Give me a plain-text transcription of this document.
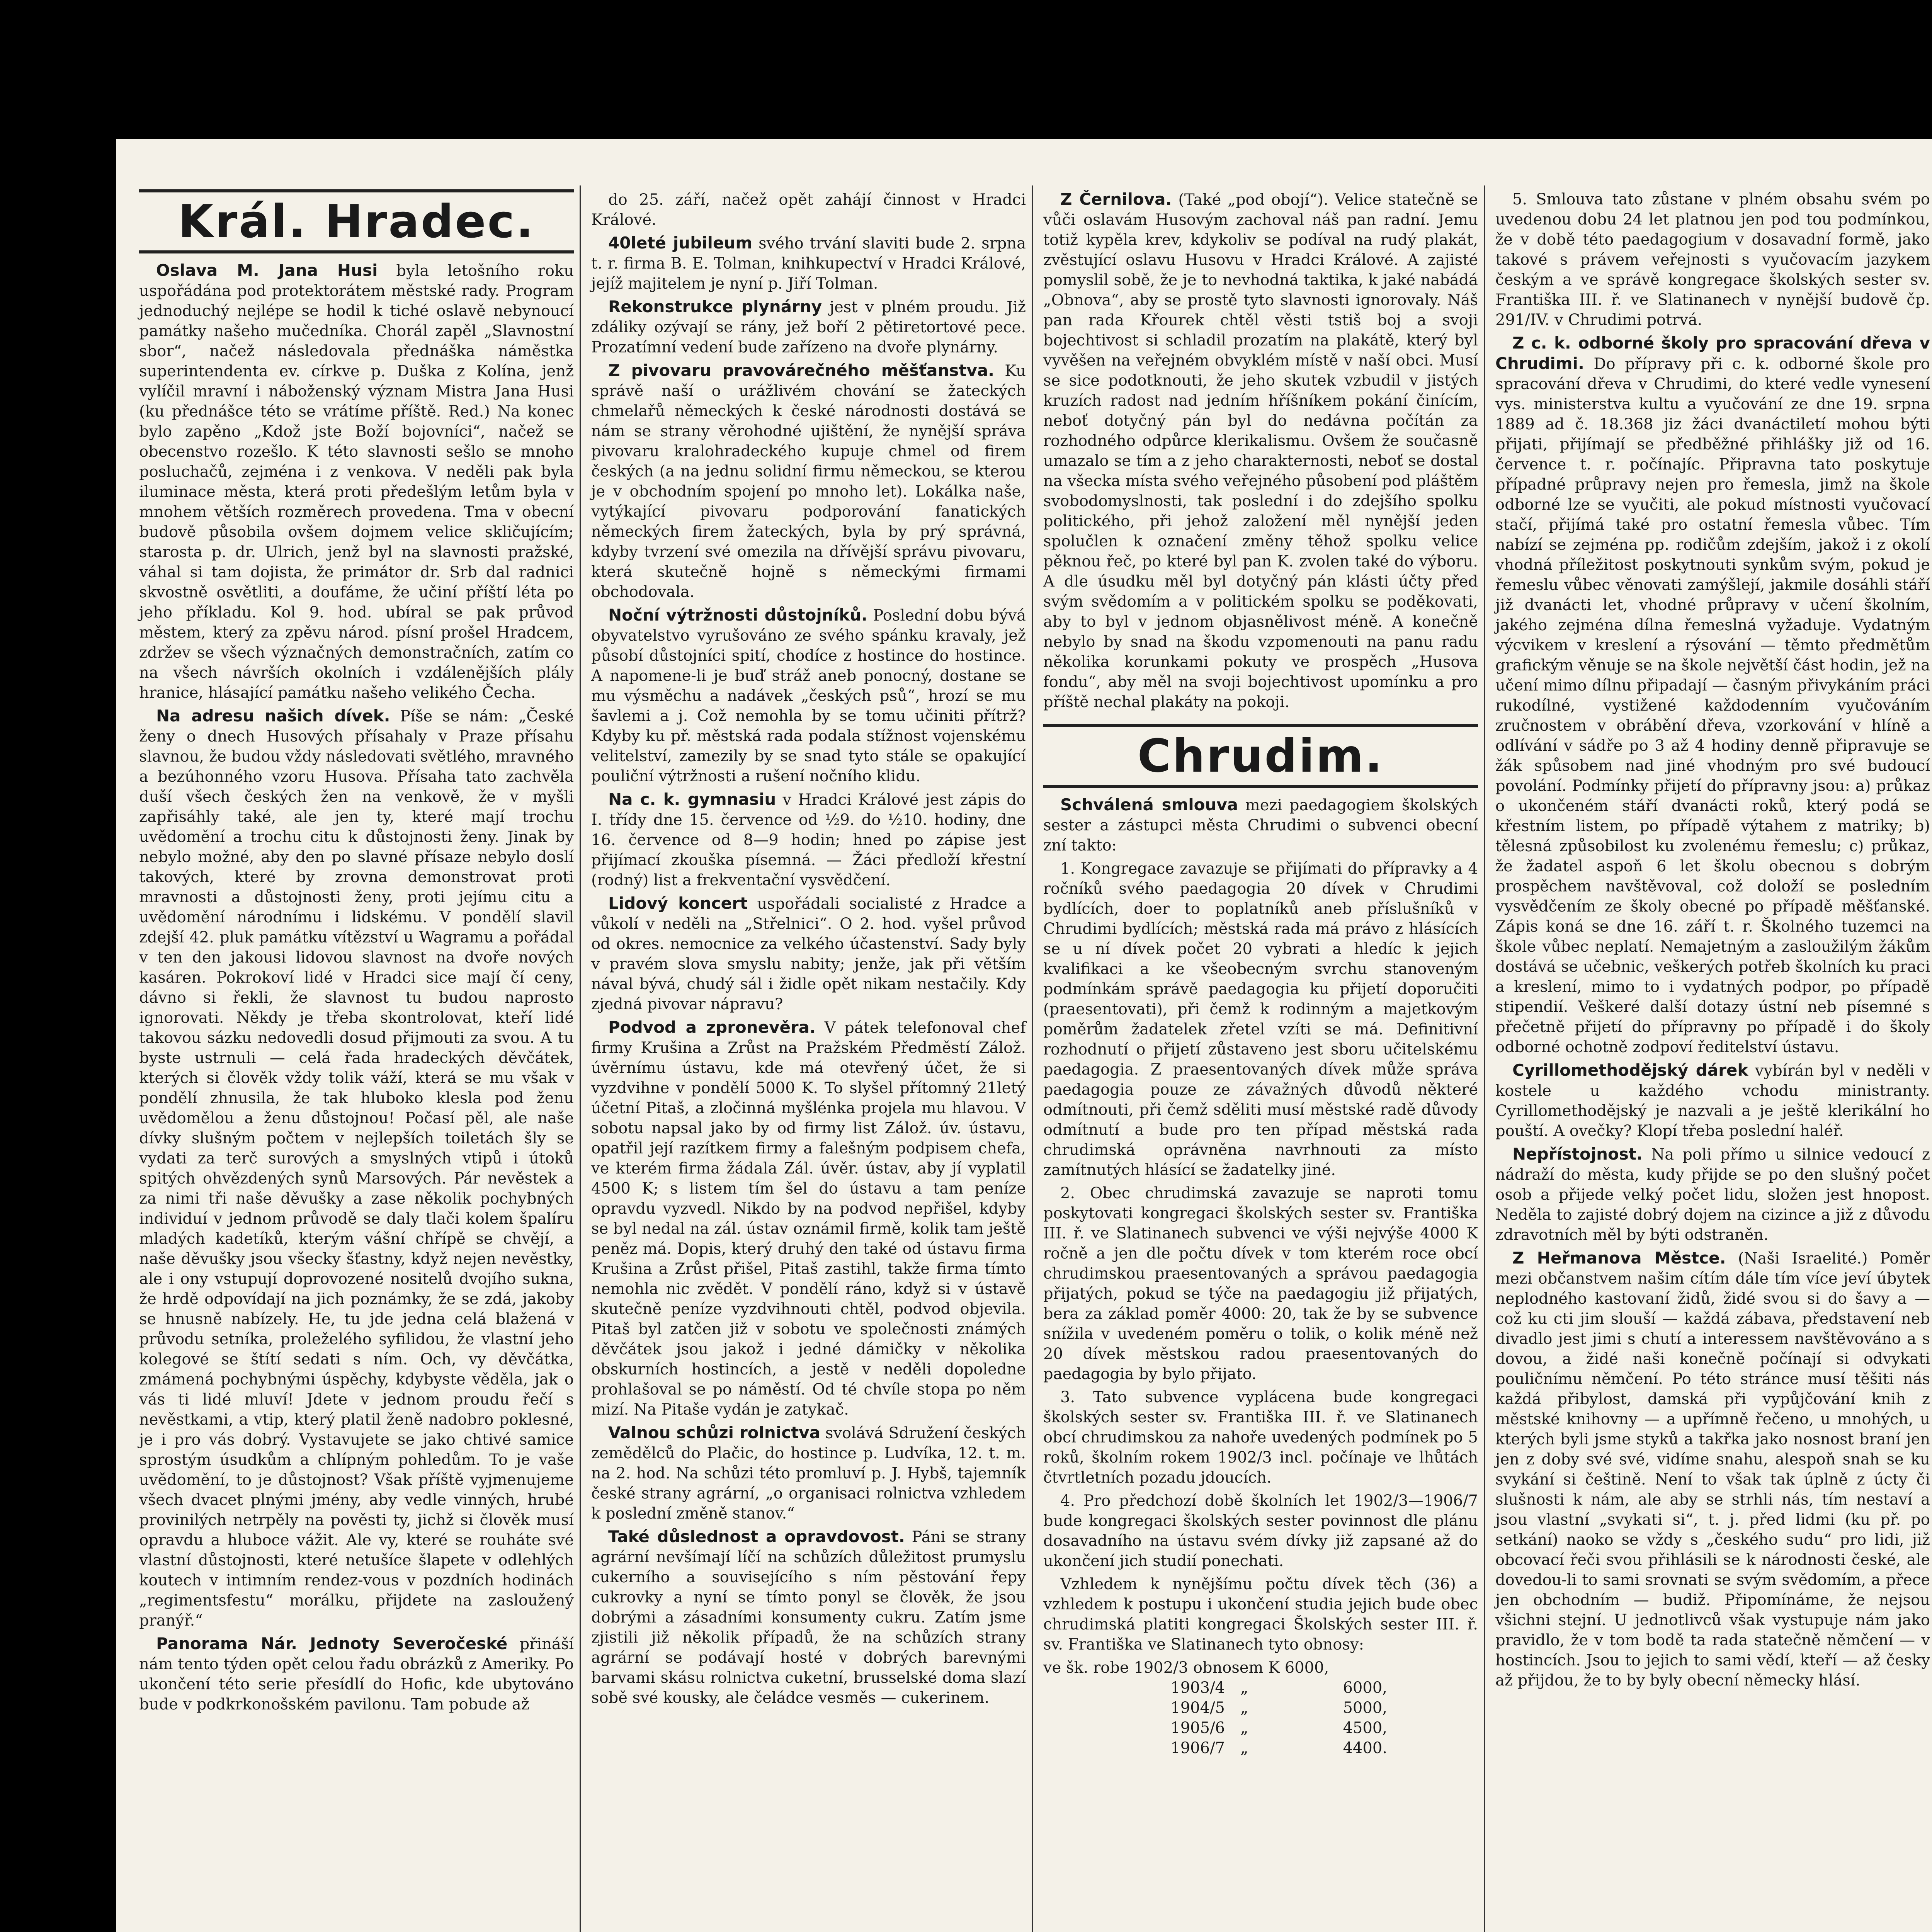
Král. Hradec.

Oslava M. Jana Husi byla letošního roku uspořádána pod protektorátem městské rady. Program jednoduchý nejlépe se hodil k tiché oslavě nebynoucí památky našeho mučedníka. Chorál zapěl „Slavnostní sbor“, načež následovala přednáška náměstka superintendenta ev. církve p. Duška z Kolína, jenž vylíčil mravní i náboženský význam Mistra Jana Husi (ku přednášce této se vrátíme příště. Red.) Na konec bylo zapěno „Kdož jste Boží bojovníci“, načež se obecenstvo rozešlo. K této slavnosti sešlo se mnoho posluchačů, zejména i z venkova. V neděli pak byla iluminace města, která proti předešlým letům byla v mnohem větších rozměrech provedena. Tma v obecní budově působila ovšem dojmem velice skličujícím; starosta p. dr. Ulrich, jenž byl na slavnosti pražské, váhal si tam dojista, že primátor dr. Srb dal radnici skvostně osvětliti, a doufáme, že učiní příští léta po jeho příkladu. Kol 9. hod. ubíral se pak průvod městem, který za zpěvu národ. písní prošel Hradcem, zdržev se všech význačných demonstračních, zatím co na všech návrších okolních i vzdálenějších plály hranice, hlásající památku našeho velikého Čecha.

Na adresu našich dívek. Píše se nám: „České ženy o dnech Husových přísahaly v Praze přísahu slavnou, že budou vždy následovati světlého, mravného a bezúhonného vzoru Husova. Přísaha tato zachvěla duší všech českých žen na venkově, že v myšli zapřisáhly také, ale jen ty, které mají trochu uvědomění a trochu citu k důstojnosti ženy. Jinak by nebylo možné, aby den po slavné přísaze nebylo doslí takových, které by zrovna demonstrovat proti mravnosti a důstojnosti ženy, proti jejímu citu a uvědomění národnímu i lidskému. V pondělí slavil zdejší 42. pluk památku vítězství u Wagramu a pořádal v ten den jakousi lidovou slavnost na dvoře nových kasáren. Pokrokoví lidé v Hradci sice mají čí ceny, dávno si řekli, že slavnost tu budou naprosto ignorovati. Někdy je třeba skontrolovat, kteří lidé takovou sázku nedovedli dosud přijmouti za svou. A tu byste ustrnuli — celá řada hradeckých děvčátek, kterých si člověk vždy tolik váží, která se mu však v pondělí zhnusila, že tak hluboko klesla pod ženu uvědomělou a ženu důstojnou! Počasí pěl, ale naše dívky slušným počtem v nejlepších toiletách šly se vydati za terč surových a smyslných vtipů i útoků spitých ohvězdených synů Marsových. Pár nevěstek a za nimi tři naše děvušky a zase několik pochybných individuí v jednom průvodě se daly tlači kolem špalíru mladých kadetíků, kterým vášní chřípě se chvějí, a naše děvušky jsou všecky šťastny, když nejen nevěstky, ale i ony vstupují doprovozené nositelů dvojího sukna, že hrdě odpovídají na jich poznámky, že se zdá, jakoby se hnusně nabízely. He, tu jde jedna celá blažená v průvodu setníka, proleželého syfilidou, že vlastní jeho kolegové se štítí sedati s ním. Och, vy děvčátka, zmámená pochybnými úspěchy, kdybyste věděla, jak o vás ti lidé mluví! Jdete v jednom proudu řečí s nevěstkami, a vtip, který platil ženě nadobro poklesné, je i pro vás dobrý. Vystavujete se jako chtivé samice sprostým úsudkům a chlípným pohledům. To je vaše uvědomění, to je důstojnost? Však příště vyjmenujeme všech dvacet plnými jmény, aby vedle vinných, hrubé provinilých netrpěly na pověsti ty, jichž si člověk musí opravdu a hluboce vážit. Ale vy, které se rouháte své vlastní důstojnosti, které netušíce šlapete v odlehlých koutech v intimním rendez-vous v pozdních hodinách „regimentsfestu“ morálku, přijdete na zasloužený pranýř.“

Panorama Nár. Jednoty Severočeské přináší nám tento týden opět celou řadu obrázků z Ameriky. Po ukončení této serie přesídlí do Hofic, kde ubytováno bude v podkrkonošském pavilonu. Tam pobude až

do 25. září, načež opět zahájí činnost v Hradci Králové.

40leté jubileum svého trvání slaviti bude 2. srpna t. r. firma B. E. Tolman, knihkupectví v Hradci Králové, jejíž majitelem je nyní p. Jiří Tolman.

Rekonstrukce plynárny jest v plném proudu. Již zdáliky ozývají se rány, jež boří 2 pětiretortové pece. Prozatímní vedení bude zařízeno na dvoře plynárny.

Z pivovaru pravovárečného měšťanstva. Ku správě naší o urážlivém chování se žateckých chmelařů německých k české národnosti dostává se nám se strany věrohodné ujištění, že nynější správa pivovaru kralohradeckého kupuje chmel od firem českých (a na jednu solidní firmu německou, se kterou je v obchodním spojení po mnoho let). Lokálka naše, vytýkající pivovaru podporování fanatických německých firem žateckých, byla by prý správná, kdyby tvrzení své omezila na dřívější správu pivovaru, která skutečně hojně s německými firmami obchodovala.

Noční výtržnosti důstojníků. Poslední dobu bývá obyvatelstvo vyrušováno ze svého spánku kravaly, jež působí důstojníci spití, chodíce z hostince do hostince. A napomene-li je buď stráž aneb ponocný, dostane se mu výsměchu a nadávek „českých psů“, hrozí se mu šavlemi a j. Což nemohla by se tomu učiniti přítrž? Kdyby ku př. městská rada podala stížnost vojenskému velitelství, zamezily by se snad tyto stále se opakující pouliční výtržnosti a rušení nočního klidu.

Na c. k. gymnasiu v Hradci Králové jest zápis do I. třídy dne 15. července od ½9. do ½10. hodiny, dne 16. července od 8—9 hodin; hned po zápise jest přijímací zkouška písemná. — Žáci předloží křestní (rodný) list a frekventační vysvědčení.

Lidový koncert uspořádali socialisté z Hradce a vůkolí v neděli na „Střelnici“. O 2. hod. vyšel průvod od okres. nemocnice za velkého účastenství. Sady byly v pravém slova smyslu nabity; jenže, jak při větším nával bývá, chudý sál i židle opět nikam nestačily. Kdy zjedná pivovar nápravu?

Podvod a zpronevěra. V pátek telefonoval chef firmy Krušina a Zrůst na Pražském Předměstí Zálož. úvěrnímu ústavu, kde má otevřený účet, že si vyzdvihne v pondělí 5000 K. To slyšel přítomný 21letý účetní Pitaš, a zločinná myšlénka projela mu hlavou. V sobotu napsal jako by od firmy list Zálož. úv. ústavu, opatřil její razítkem firmy a falešným podpisem chefa, ve kterém firma žádala Zál. úvěr. ústav, aby jí vyplatil 4500 K; s listem tím šel do ústavu a tam peníze opravdu vyzvedl. Nikdo by na podvod nepřišel, kdyby se byl nedal na zál. ústav oznámil firmě, kolik tam ještě peněz má. Dopis, který druhý den také od ústavu firma Krušina a Zrůst přišel, Pitaš zastihl, takže firma tímto nemohla nic zvědět. V pondělí ráno, když si v ústavě skutečně peníze vyzdvihnouti chtěl, podvod objevila. Pitaš byl zatčen již v sobotu ve společnosti známých děvčátek jsou jakož i jedné dámičky v několika obskurních hostincích, a jestě v neděli dopoledne prohlašoval se po náměstí. Od té chvíle stopa po něm mizí. Na Pitaše vydán je zatykač.

Valnou schůzi rolnictva svolává Sdružení českých zemědělců do Plačic, do hostince p. Ludvíka, 12. t. m. na 2. hod. Na schůzi této promluví p. J. Hybš, tajemník české strany agrární, „o organisaci rolnictva vzhledem k poslední změně stanov.“

Také důslednost a opravdovost. Páni se strany agrární nevšímají líčí na schůzích důležitost prumyslu cukerního a souvisejícího s ním pěstování řepy cukrovky a nyní se tímto ponyl se člověk, že jsou dobrými a zásadními konsumenty cukru. Zatím jsme zjistili již několik případů, že na schůzích strany agrární se podávají hosté v dobrých barevnými barvami skásu rolnictva cuketní, brusselské doma slazí sobě své kousky, ale čeládce vesměs — cukerinem.

Z Černilova. (Také „pod obojí“). Velice statečně se vůči oslavám Husovým zachoval náš pan radní. Jemu totiž kypěla krev, kdykoliv se podíval na rudý plakát, zvěstující oslavu Husovu v Hradci Králové. A zajisté pomyslil sobě, že je to nevhodná taktika, k jaké nabádá „Obnova“, aby se prostě tyto slavnosti ignorovaly. Náš pan rada Křourek chtěl věsti tstiš boj a svoji bojechtivost si schladil prozatím na plakátě, který byl vyvěšen na veřejném obvyklém místě v naší obci. Musí se sice podotknouti, že jeho skutek vzbudil v jistých kruzích radost nad jedním hříšníkem pokání činícím, neboť dotyčný pán byl do nedávna počítán za rozhodného odpůrce klerikalismu. Ovšem že současně umazalo se tím a z jeho charakternosti, neboť se dostal na všecka místa svého veřejného působení pod pláštěm svobodomyslnosti, tak poslední i do zdejšího spolku politického, při jehož založení měl nynější jeden spolučlen k označení změny těhož spolku velice pěknou řeč, po které byl pan K. zvolen také do výboru. A dle úsudku měl byl dotyčný pán klásti účty před svým svědomím a v politickém spolku se poděkovati, aby to byl v jednom objasnělivost méně. A konečně nebylo by snad na škodu vzpomenouti na panu radu několika korunkami pokuty ve prospěch „Husova fondu“, aby měl na svoji bojechtivost upomínku a pro příště nechal plakáty na pokoji.

Chrudim.

Schválená smlouva mezi paedagogiem školských sester a zástupci města Chrudimi o subvenci obecní zní takto:

1. Kongregace zavazuje se přijímati do přípravky a 4 ročníků svého paedagogia 20 dívek v Chrudimi bydlících, doer to poplatníků aneb příslušníků v Chrudimi bydlících; městská rada má právo z hlásících se u ní dívek počet 20 vybrati a hledíc k jejich kvalifikaci a ke všeobecným svrchu stanoveným podmínkám správě paedagogia ku přijetí doporučiti (praesentovati), při čemž k rodinným a majetkovým poměrům žadatelek zřetel vzíti se má. Definitivní rozhodnutí o přijetí zůstaveno jest sboru učitelskému paedagogia. Z praesentovaných dívek může správa paedagogia pouze ze závažných důvodů některé odmítnouti, při čemž sděliti musí městské radě důvody odmítnutí a bude pro ten případ městská rada chrudimská oprávněna navrhnouti za místo zamítnutých hlásící se žadatelky jiné.

2. Obec chrudimská zavazuje se naproti tomu poskytovati kongregaci školských sester sv. Františka III. ř. ve Slatinanech subvenci ve výši nejvýše 4000 K ročně a jen dle počtu dívek v tom kterém roce obcí chrudimskou praesentovaných a správou paedagogia přijatých, pokud se týče na paedagogiu již přijatých, bera za základ poměr 4000: 20, tak že by se subvence snížila v uvedeném poměru o tolik, o kolik méně než 20 dívek městskou radou praesentovaných do paedagogia by bylo přijato.

3. Tato subvence vyplácena bude kongregaci školských sester sv. Františka III. ř. ve Slatinanech obcí chrudimskou za nahoře uvedených podmínek po 5 roků, školním rokem 1902/3 incl. počínaje ve lhůtách čtvrtletních pozadu jdoucích.

4. Pro předchozí době školních let 1902/3—1906/7 bude kongregaci školských sester povinnost dle plánu dosavadního na ústavu svém dívky již zapsané až do ukončení jich studií ponechati.

Vzhledem k nynějšímu počtu dívek těch (36) a vzhledem k postupu i ukončení studia jejich bude obec chrudimská platiti kongregaci Školských sester III. ř. sv. Františka ve Slatinanech tyto obnosy:

ve šk. robe 1902/3 obnosem K 6000,
1903/4	„	6000,
1904/5	„	5000,
1905/6	„	4500,
1906/7	„	4400.

5. Smlouva tato zůstane v plném obsahu svém po uvedenou dobu 24 let platnou jen pod tou podmínkou, že v době této paedagogium v dosavadní formě, jako takové s právem veřejnosti s vyučovacím jazykem českým a ve správě kongregace školských sester sv. Františka III. ř. ve Slatinanech v nynější budově čp. 291/IV. v Chrudimi potrvá.

Z c. k. odborné školy pro spracování dřeva v Chrudimi. Do přípravy při c. k. odborné škole pro spracování dřeva v Chrudimi, do které vedle vynesení vys. ministerstva kultu a vyučování ze dne 19. srpna 1889 ad č. 18.368 jiz žáci dvanáctiletí mohou býti přijati, přijímají se předběžné přihlášky již od 16. července t. r. počínajíc. Připravna tato poskytuje případné průpravy nejen pro řemesla, jimž na škole odborné lze se vyučiti, ale pokud místnosti vyučovací stačí, přijímá také pro ostatní řemesla vůbec. Tím nabízí se zejména pp. rodičům zdejším, jakož i z okolí vhodná příležitost poskytnouti synkům svým, pokud je řemeslu vůbec věnovati zamýšlejí, jakmile dosáhli stáří již dvanácti let, vhodné průpravy v učení školním, jakého zejména dílna řemeslná vyžaduje. Vydatným výcvikem v kreslení a rýsování — těmto předmětům grafickým věnuje se na škole největší část hodin, jež na učení mimo dílnu připadají — časným přivykáním práci rukodílné, vystižené každodenním vyučováním zručnostem v obrábění dřeva, vzorkování v hlíně a odlívání v sádře po 3 až 4 hodiny denně připravuje se žák spůsobem nad jiné vhodným pro své budoucí povolání. Podmínky přijetí do přípravny jsou: a) průkaz o ukončeném stáří dvanácti roků, který podá se křestním listem, po případě výtahem z matriky; b) tělesná způsobilost ku zvolenému řemeslu; c) průkaz, že žadatel aspoň 6 let školu obecnou s dobrým prospěchem navštěvoval, což doloží se posledním vysvědčením ze školy obecné po případě měšťanské. Zápis koná se dne 16. září t. r. Školného tuzemci na škole vůbec neplatí. Nemajetným a zasloužilým žákům dostává se učebnic, veškerých potřeb školních ku praci a kreslení, mimo to i vydatných podpor, po případě stipendií. Veškeré další dotazy ústní neb písemné s přečetně přijetí do přípravny po případě i do školy odborné ochotně zodpoví ředitelství ústavu.

Cyrillomethodějský dárek vybírán byl v neděli v kostele u každého vchodu ministranty. Cyrillomethodějský je nazvali a je ještě klerikální ho pouští. A ovečky? Klopí třeba poslední haléř.

Nepřístojnost. Na poli přímo u silnice vedoucí z nádraží do města, kudy přijde se po den slušný počet osob a přijede velký počet lidu, složen jest hnopost. Neděla to zajisté dobrý dojem na cizince a již z důvodu zdravotních měl by býti odstraněn.

Z Heřmanova Městce. (Naši Israelité.) Poměr mezi občanstvem našim cítím dále tím více jeví úbytek neplodného kastovaní židů, židé svou si do šavy a — což ku cti jim slouší — každá zábava, představení neb divadlo jest jimi s chutí a interessem navštěvováno a s dovou, a židé naši konečně počínají si odvykati pouličnímu němčení. Po této stránce musí těšiti nás každá přibylost, damská při vypůjčování knih z městské knihovny — a upřímně řečeno, u mnohých, u kterých byli jsme styků a takřka jako nosnost braní jen jen z doby své své, vidíme snahu, alespoň snah se ku svykání si češtině. Není to však tak úplně z úcty či slušnosti k nám, ale aby se strhli nás, tím nestaví a jsou vlastní „svykati si“, t. j. před lidmi (ku př. po setkání) naoko se vždy s „českého sudu“ pro lidi, již obcovací řeči svou přihlásili se k národnosti české, ale dovedou-li to sami srovnati se svým svědomím, a přece jen obchodním — budiž. Připomínáme, že nejsou všichni stejní. U jednotlivců však vystupuje nám jako pravidlo, že v tom bodě ta rada statečně němčení — v hostincích. Jsou to jejich to sami vědí, kteří — až česky až přijdou, že to by byly obecní německy hlásí.
